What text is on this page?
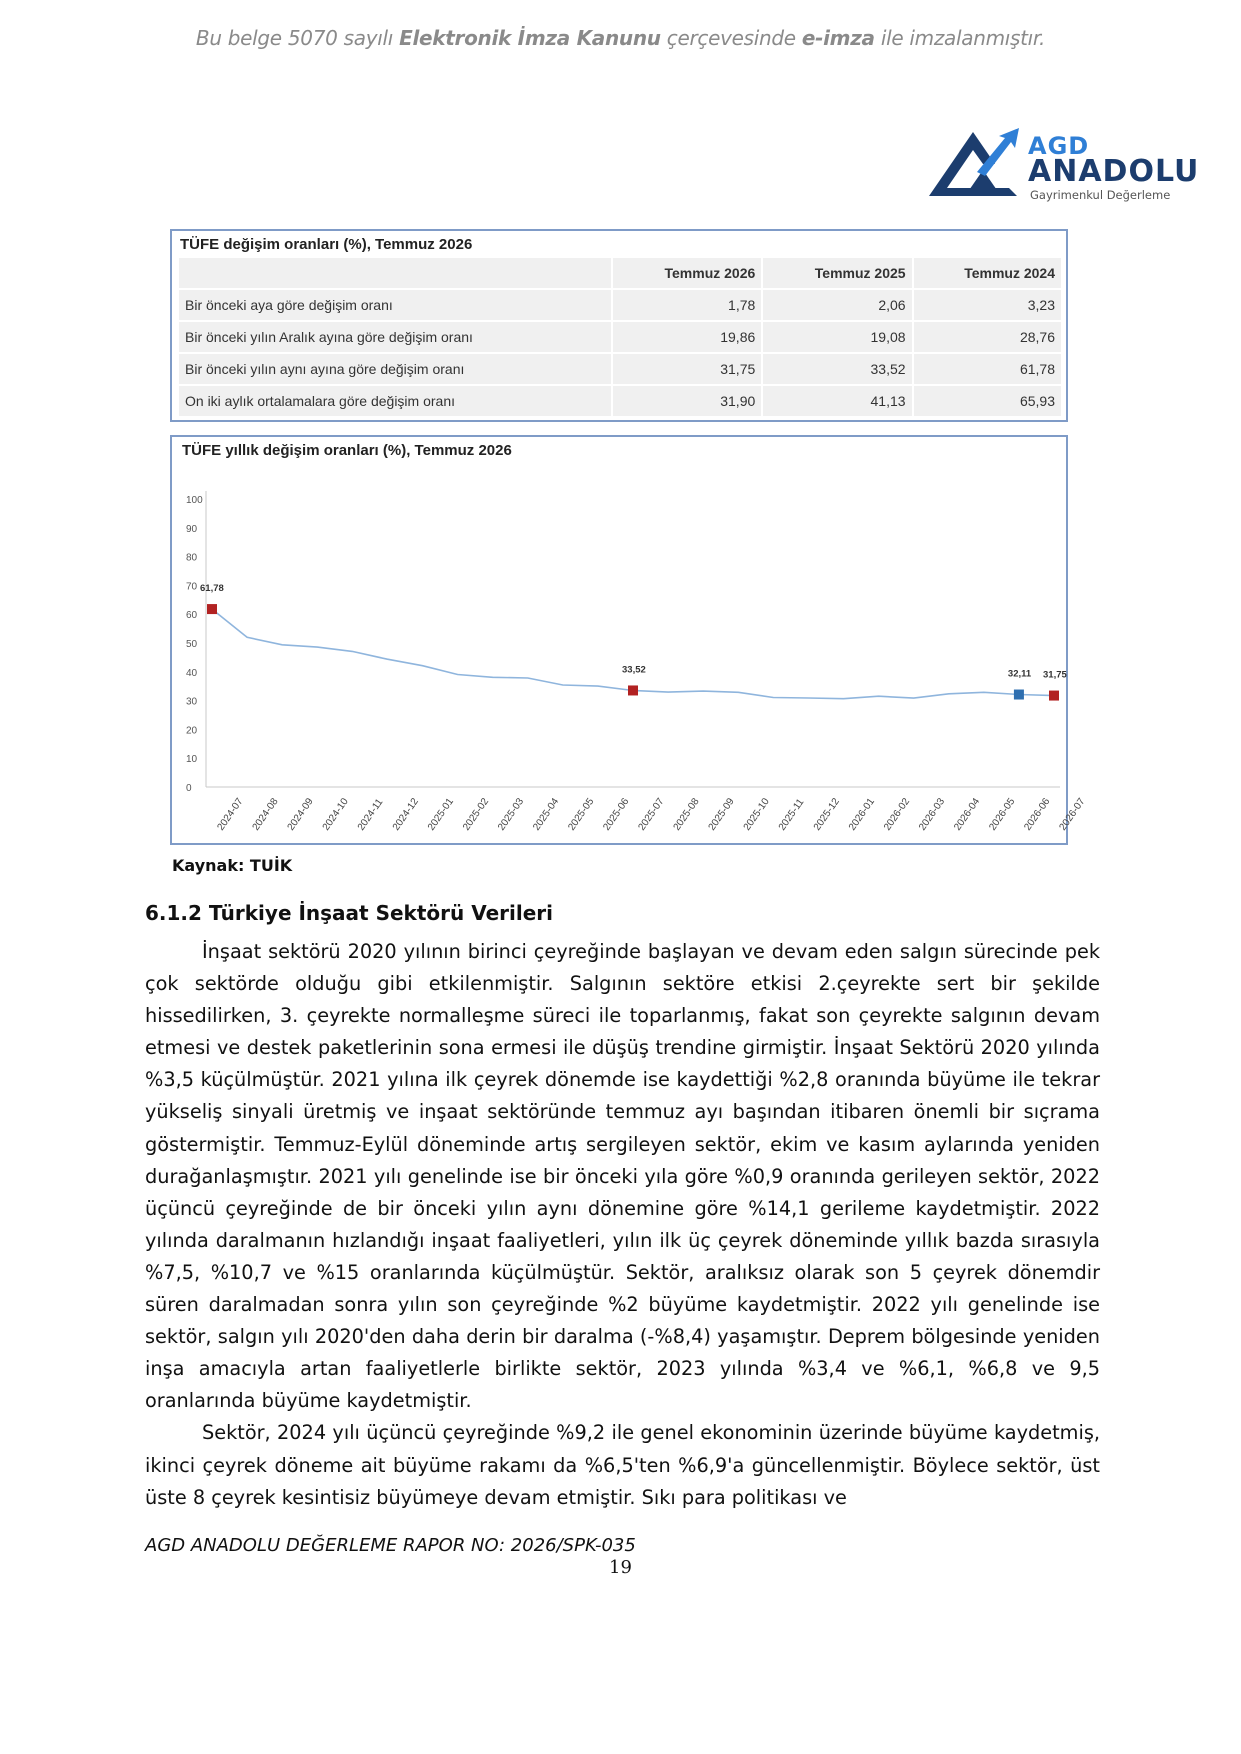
Bu belge 5070 sayılı Elektronik İmza Kanunu çerçevesinde e-imza ile imzalanmıştır.
AGD
ANADOLU
Gayrimenkul Değerleme
TÜFE değişim oranları (%), Temmuz 2026
	Temmuz 2026	Temmuz 2025	Temmuz 2024
Bir önceki aya göre değişim oranı	1,78	2,06	3,23
Bir önceki yılın Aralık ayına göre değişim oranı	19,86	19,08	28,76
Bir önceki yılın aynı ayına göre değişim oranı	31,75	33,52	61,78
On iki aylık ortalamalara göre değişim oranı	31,90	41,13	65,93
TÜFE yıllık değişim oranları (%), Temmuz 2026
0
10
20
30
40
50
60
70
80
90
100
2024-07 2024-08 2024-09 2024-10 2024-11 2024-12 2025-01 2025-02 2025-03 2025-04 2025-05 2025-06 2025-07 2025-08 2025-09 2025-10 2025-11 2025-12 2026-01 2026-02 2026-03 2026-04 2026-05 2026-06 2026-07
61,78
33,52	32,11 31,75
Kaynak: TUİK
6.1.2 Türkiye İnşaat Sektörü Verileri

İnşaat sektörü 2020 yılının birinci çeyreğinde başlayan ve devam eden salgın sürecinde pek çok sektörde olduğu gibi etkilenmiştir. Salgının sektöre etkisi 2.çeyrekte sert bir şekilde hissedilirken, 3. çeyrekte normalleşme süreci ile toparlanmış, fakat son çeyrekte salgının devam etmesi ve destek paketlerinin sona ermesi ile düşüş trendine girmiştir. İnşaat Sektörü 2020 yılında %3,5 küçülmüştür. 2021 yılına ilk çeyrek dönemde ise kaydettiği %2,8 oranında büyüme ile tekrar yükseliş sinyali üretmiş ve inşaat sektöründe temmuz ayı başından itibaren önemli bir sıçrama göstermiştir. Temmuz-Eylül döneminde artış sergileyen sektör, ekim ve kasım aylarında yeniden durağanlaşmıştır. 2021 yılı genelinde ise bir önceki yıla göre %0,9 oranında gerileyen sektör, 2022 üçüncü çeyreğinde de bir önceki yılın aynı dönemine göre %14,1 gerileme kaydetmiştir. 2022 yılında daralmanın hızlandığı inşaat faaliyetleri, yılın ilk üç çeyrek döneminde yıllık bazda sırasıyla %7,5, %10,7 ve %15 oranlarında küçülmüştür. Sektör, aralıksız olarak son 5 çeyrek dönemdir süren daralmadan sonra yılın son çeyreğinde %2 büyüme kaydetmiştir. 2022 yılı genelinde ise sektör, salgın yılı 2020'den daha derin bir daralma (-%8,4) yaşamıştır. Deprem bölgesinde yeniden inşa amacıyla artan faaliyetlerle birlikte sektör, 2023 yılında %3,4 ve %6,1, %6,8 ve 9,5 oranlarında büyüme kaydetmiştir.

Sektör, 2024 yılı üçüncü çeyreğinde %9,2 ile genel ekonominin üzerinde büyüme kaydetmiş, ikinci çeyrek döneme ait büyüme rakamı da %6,5'ten %6,9'a güncellenmiştir. Böylece sektör, üst üste 8 çeyrek kesintisiz büyümeye devam etmiştir. Sıkı para politikası ve

AGD ANADOLU DEĞERLEME RAPOR NO: 2026/SPK-035
19
